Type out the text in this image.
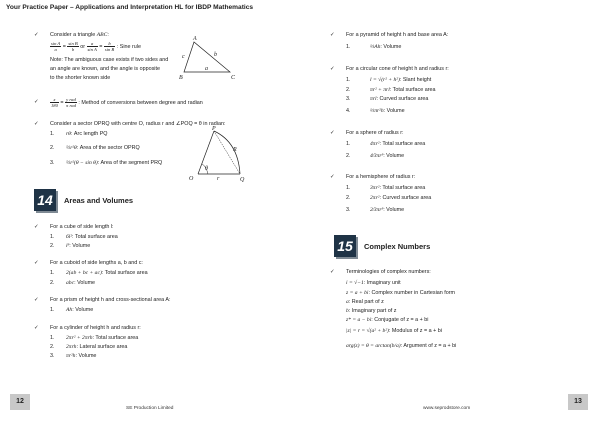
Your Practice Paper – Applications and Interpretation HL for IBDP Mathematics
✓ Consider a triangle ABC:
$\frac{\text{sin A}}{a} = \frac{\text{sin B}}{b}$ or $\frac{a}{\text{sin A}} = \frac{b}{\text{sin B}}$ : Sine rule
Note: The ambiguous case exists if two sides and
an angle are known, and the angle is opposite
to the shorter known side
A
B	C
a
b
c
✓ $\frac{x}{180} = \frac{\text{y rad}}{\text{π rad}}$ : Method of conversions between degree and radian
✓ Consider a sector OPRQ with centre O, radius r and ∠POQ = θ in radian:
1. rθ: Arc length PQ
2. ½r²θ: Area of the sector OPRQ
3. ½r²(θ − sin θ): Area of the segment PRQ
P
R
O	Q
r
θ
14	Areas and Volumes
✓ For a cube of side length l:
1. 6l²: Total surface area
2. l³: Volume
✓ For a cuboid of side lengths a, b and c:
1. 2(ab + bc + ac): Total surface area
2. abc: Volume
✓ For a prism of height h and cross-sectional area A:
1. Ah: Volume
✓ For a cylinder of height h and radius r:
1. 2πr² + 2πrh: Total surface area
2. 2πrh: Lateral surface area
3. πr²h: Volume
12
SE Production Limited
✓ For a pyramid of height h and base area A:
1.	⅓Ah: Volume
✓ For a circular cone of height h and radius r:
1.	l = √(r² + h²): Slant height
2.	πr² + πrl: Total surface area
3.	πrl: Curved surface area
4.	⅓πr²h: Volume
✓ For a sphere of radius r:
1.	4πr²: Total surface area
2.	4⁄3πr³: Volume
✓ For a hemisphere of radius r:
1.	3πr²: Total surface area
2.	2πr²: Curved surface area
3.	2⁄3πr³: Volume
15	Complex Numbers
✓ Terminologies of complex numbers:
i = √−1: Imaginary unit
z = a + bi: Complex number in Cartesian form
a: Real part of z
b: Imaginary part of z
z* = a − bi: Conjugate of z = a + bi
|z| = r = √(a² + b²): Modulus of z = a + bi
arg(z) = θ = arctan(b/a): Argument of z = a + bi
13
www.seprodstore.com
